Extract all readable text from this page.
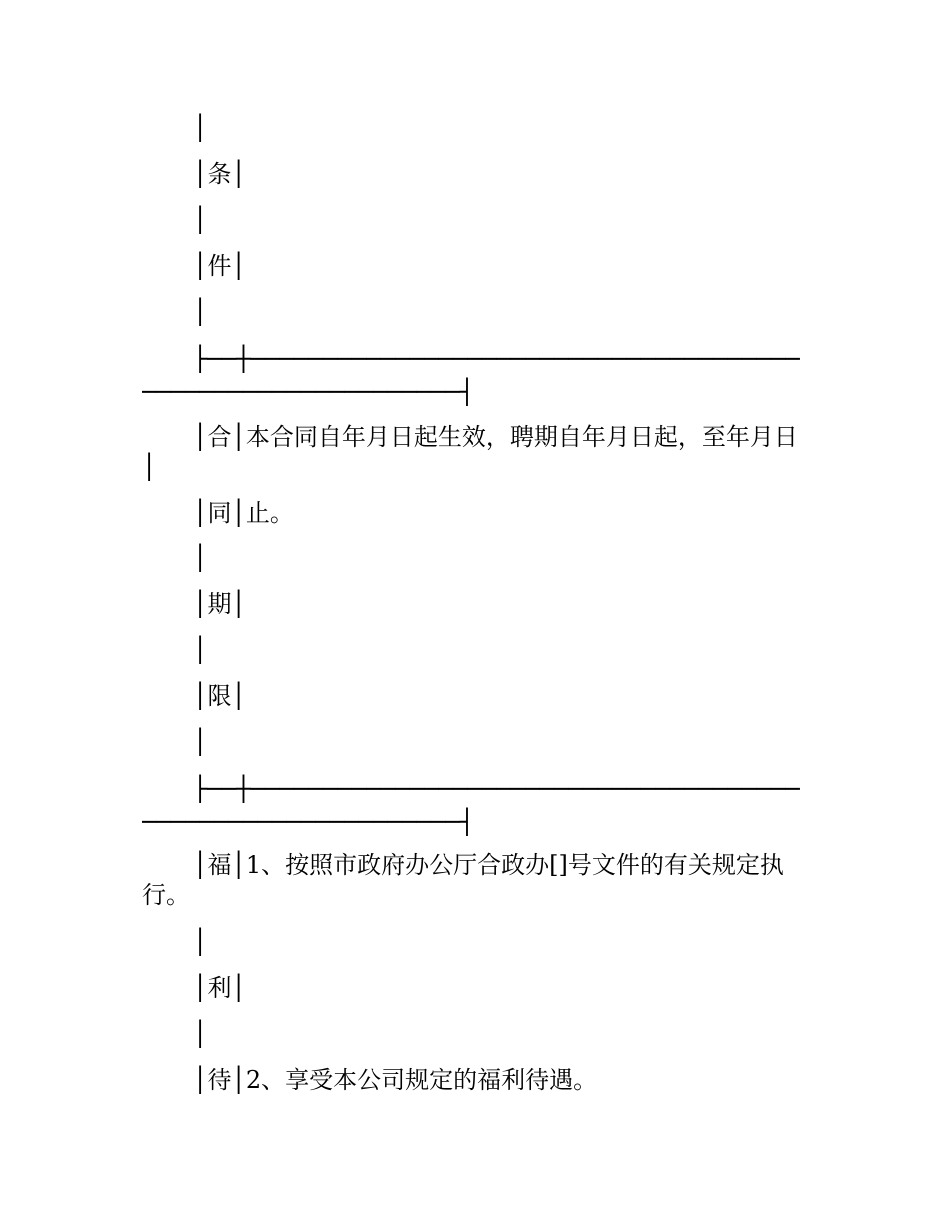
│

│条│

│

│件│

│

├──┼────────────────────────────────────────────────────────────┤

│合│本合同自年月日起生效，聘期自年月日起，至年月日│

│同│止。

│

│期│

│

│限│

│

├──┼────────────────────────────────────────────────────────────┤

│福│1、按照市政府办公厅合政办[]号文件的有关规定执行。

│

│利│

│

│待│2、享受本公司规定的福利待遇。
